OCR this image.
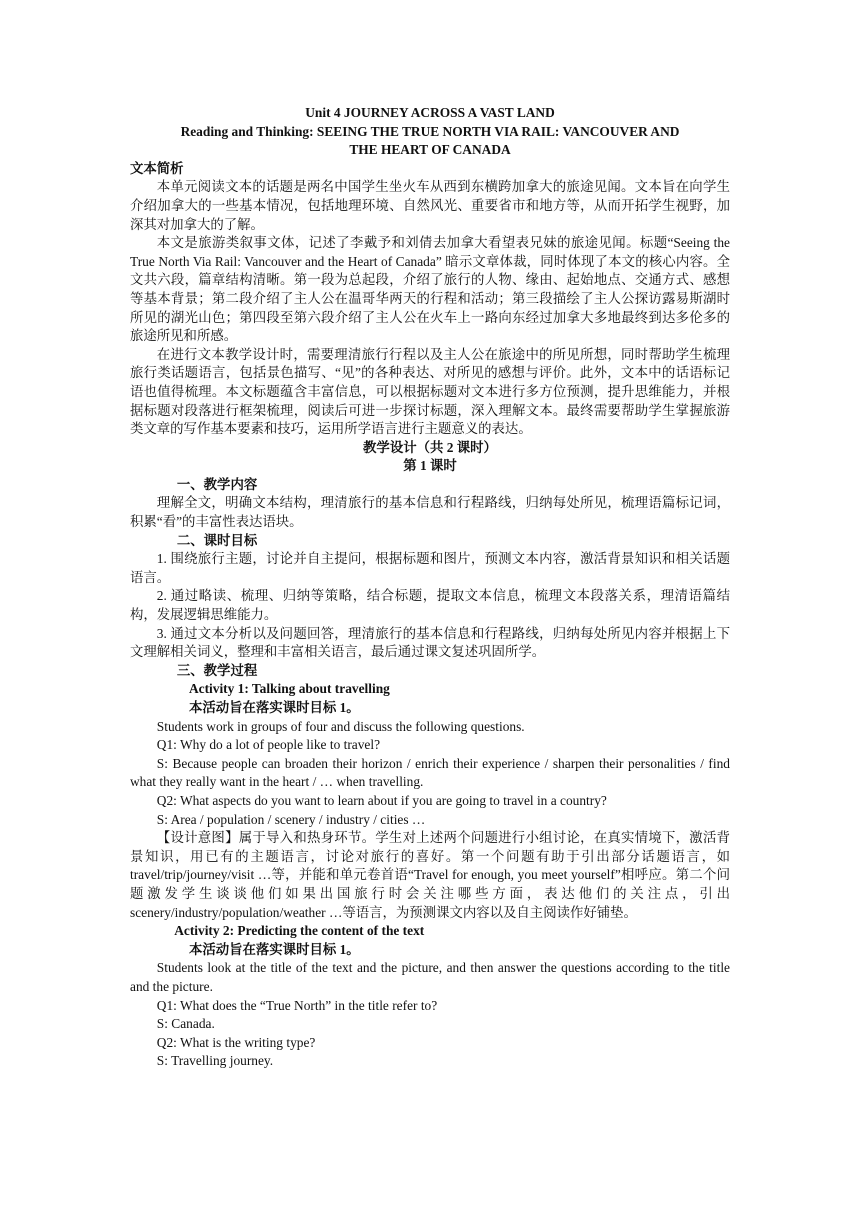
Unit 4 JOURNEY ACROSS A VAST LAND

Reading and Thinking: SEEING THE TRUE NORTH VIA RAIL: VANCOUVER AND

THE HEART OF CANADA

文本简析

本单元阅读文本的话题是两名中国学生坐火车从西到东横跨加拿大的旅途见闻。文本旨在向学生介绍加拿大的一些基本情况，包括地理环境、自然风光、重要省市和地方等，从而开拓学生视野，加深其对加拿大的了解。

本文是旅游类叙事文体，记述了李戴予和刘倩去加拿大看望表兄妹的旅途见闻。标题“Seeing the True North Via Rail: Vancouver and the Heart of Canada” 暗示文章体裁，同时体现了本文的核心内容。全文共六段，篇章结构清晰。第一段为总起段，介绍了旅行的人物、缘由、起始地点、交通方式、感想等基本背景；第二段介绍了主人公在温哥华两天的行程和活动；第三段描绘了主人公探访露易斯湖时所见的湖光山色；第四段至第六段介绍了主人公在火车上一路向东经过加拿大多地最终到达多伦多的旅途所见和所感。

在进行文本教学设计时，需要理清旅行行程以及主人公在旅途中的所见所想，同时帮助学生梳理旅行类话题语言，包括景色描写、“见”的各种表达、对所见的感想与评价。此外，文本中的话语标记语也值得梳理。本文标题蕴含丰富信息，可以根据标题对文本进行多方位预测，提升思维能力，并根据标题对段落进行框架梳理，阅读后可进一步探讨标题，深入理解文本。最终需要帮助学生掌握旅游类文章的写作基本要素和技巧，运用所学语言进行主题意义的表达。

教学设计（共 2 课时）

第 1 课时

一、教学内容

理解全文，明确文本结构，理清旅行的基本信息和行程路线，归纳每处所见，梳理语篇标记词，积累“看”的丰富性表达语块。

二、课时目标

1. 围绕旅行主题，讨论并自主提问，根据标题和图片，预测文本内容，激活背景知识和相关话题语言。

2. 通过略读、梳理、归纳等策略，结合标题，提取文本信息，梳理文本段落关系，理清语篇结构，发展逻辑思维能力。

3. 通过文本分析以及问题回答，理清旅行的基本信息和行程路线，归纳每处所见内容并根据上下文理解相关词义，整理和丰富相关语言，最后通过课文复述巩固所学。

三、教学过程

Activity 1: Talking about travelling

本活动旨在落实课时目标 1。

Students work in groups of four and discuss the following questions.

Q1: Why do a lot of people like to travel?

S: Because people can broaden their horizon / enrich their experience / sharpen their personalities / find what they really want in the heart / … when travelling.

Q2: What aspects do you want to learn about if you are going to travel in a country?

S: Area / population / scenery / industry / cities …

【设计意图】属于导入和热身环节。学生对上述两个问题进行小组讨论，在真实情境下，激活背景知识，用已有的主题语言，讨论对旅行的喜好。第一个问题有助于引出部分话题语言，如 travel/trip/journey/visit …等，并能和单元卷首语“Travel for enough, you meet yourself”相呼应。第二个问题激发学生谈谈他们如果出国旅行时会关注哪些方面，表达他们的关注点，引出 scenery/industry/population/weather …等语言，为预测课文内容以及自主阅读作好铺垫。

Activity 2: Predicting the content of the text

本活动旨在落实课时目标 1。

Students look at the title of the text and the picture, and then answer the questions according to the title and the picture.

Q1: What does the “True North” in the title refer to?

S: Canada.

Q2: What is the writing type?

S: Travelling journey.
